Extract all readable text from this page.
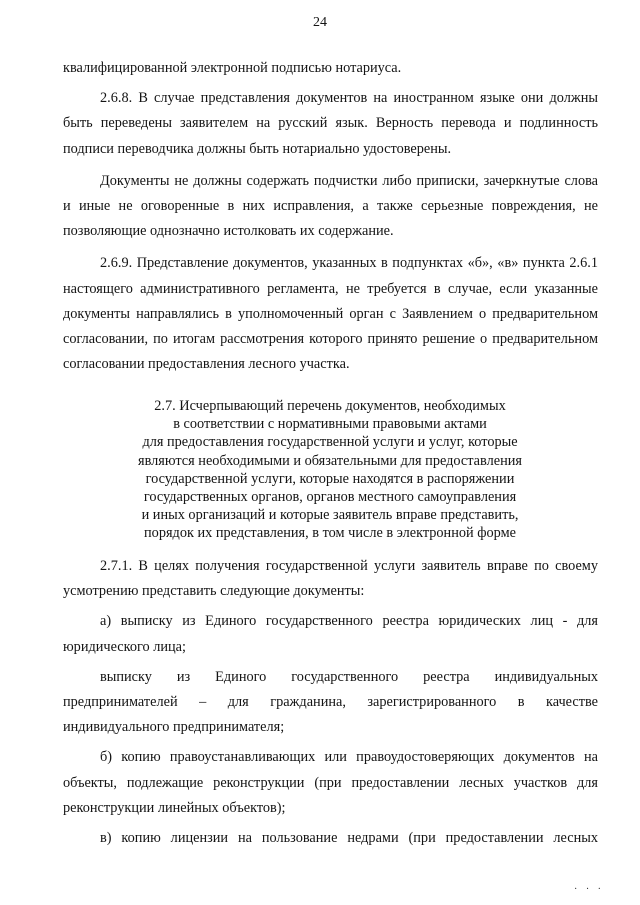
24

квалифицированной электронной подписью нотариуса.

2.6.8. В случае представления документов на иностранном языке они должны быть переведены заявителем на русский язык. Верность перевода и подлинность подписи переводчика должны быть нотариально удостоверены.

Документы не должны содержать подчистки либо приписки, зачеркнутые слова и иные не оговоренные в них исправления, а также серьезные повреждения, не позволяющие однозначно истолковать их содержание.

2.6.9. Представление документов, указанных в подпунктах «б», «в» пункта 2.6.1 настоящего административного регламента, не требуется в случае, если указанные документы направлялись в уполномоченный орган с Заявлением о предварительном согласовании, по итогам рассмотрения которого принято решение о предварительном согласовании предоставления лесного участка.

2.7. Исчерпывающий перечень документов, необходимых
в соответствии с нормативными правовыми актами
для предоставления государственной услуги и услуг, которые
являются необходимыми и обязательными для предоставления
государственной услуги, которые находятся в распоряжении
государственных органов, органов местного самоуправления
и иных организаций и которые заявитель вправе представить,
порядок их представления, в том числе в электронной форме

2.7.1. В целях получения государственной услуги заявитель вправе по своему усмотрению представить следующие документы:

а) выписку из Единого государственного реестра юридических лиц - для юридического лица;

выписку из Единого государственного реестра индивидуальных

предпринимателей – для гражданина, зарегистрированного в качестве

индивидуального предпринимателя;

б) копию правоустанавливающих или правоудостоверяющих документов на объекты, подлежащие реконструкции (при предоставлении лесных участков для реконструкции линейных объектов);

в) копию лицензии на пользование недрами (при предоставлении лесных

· · ·
